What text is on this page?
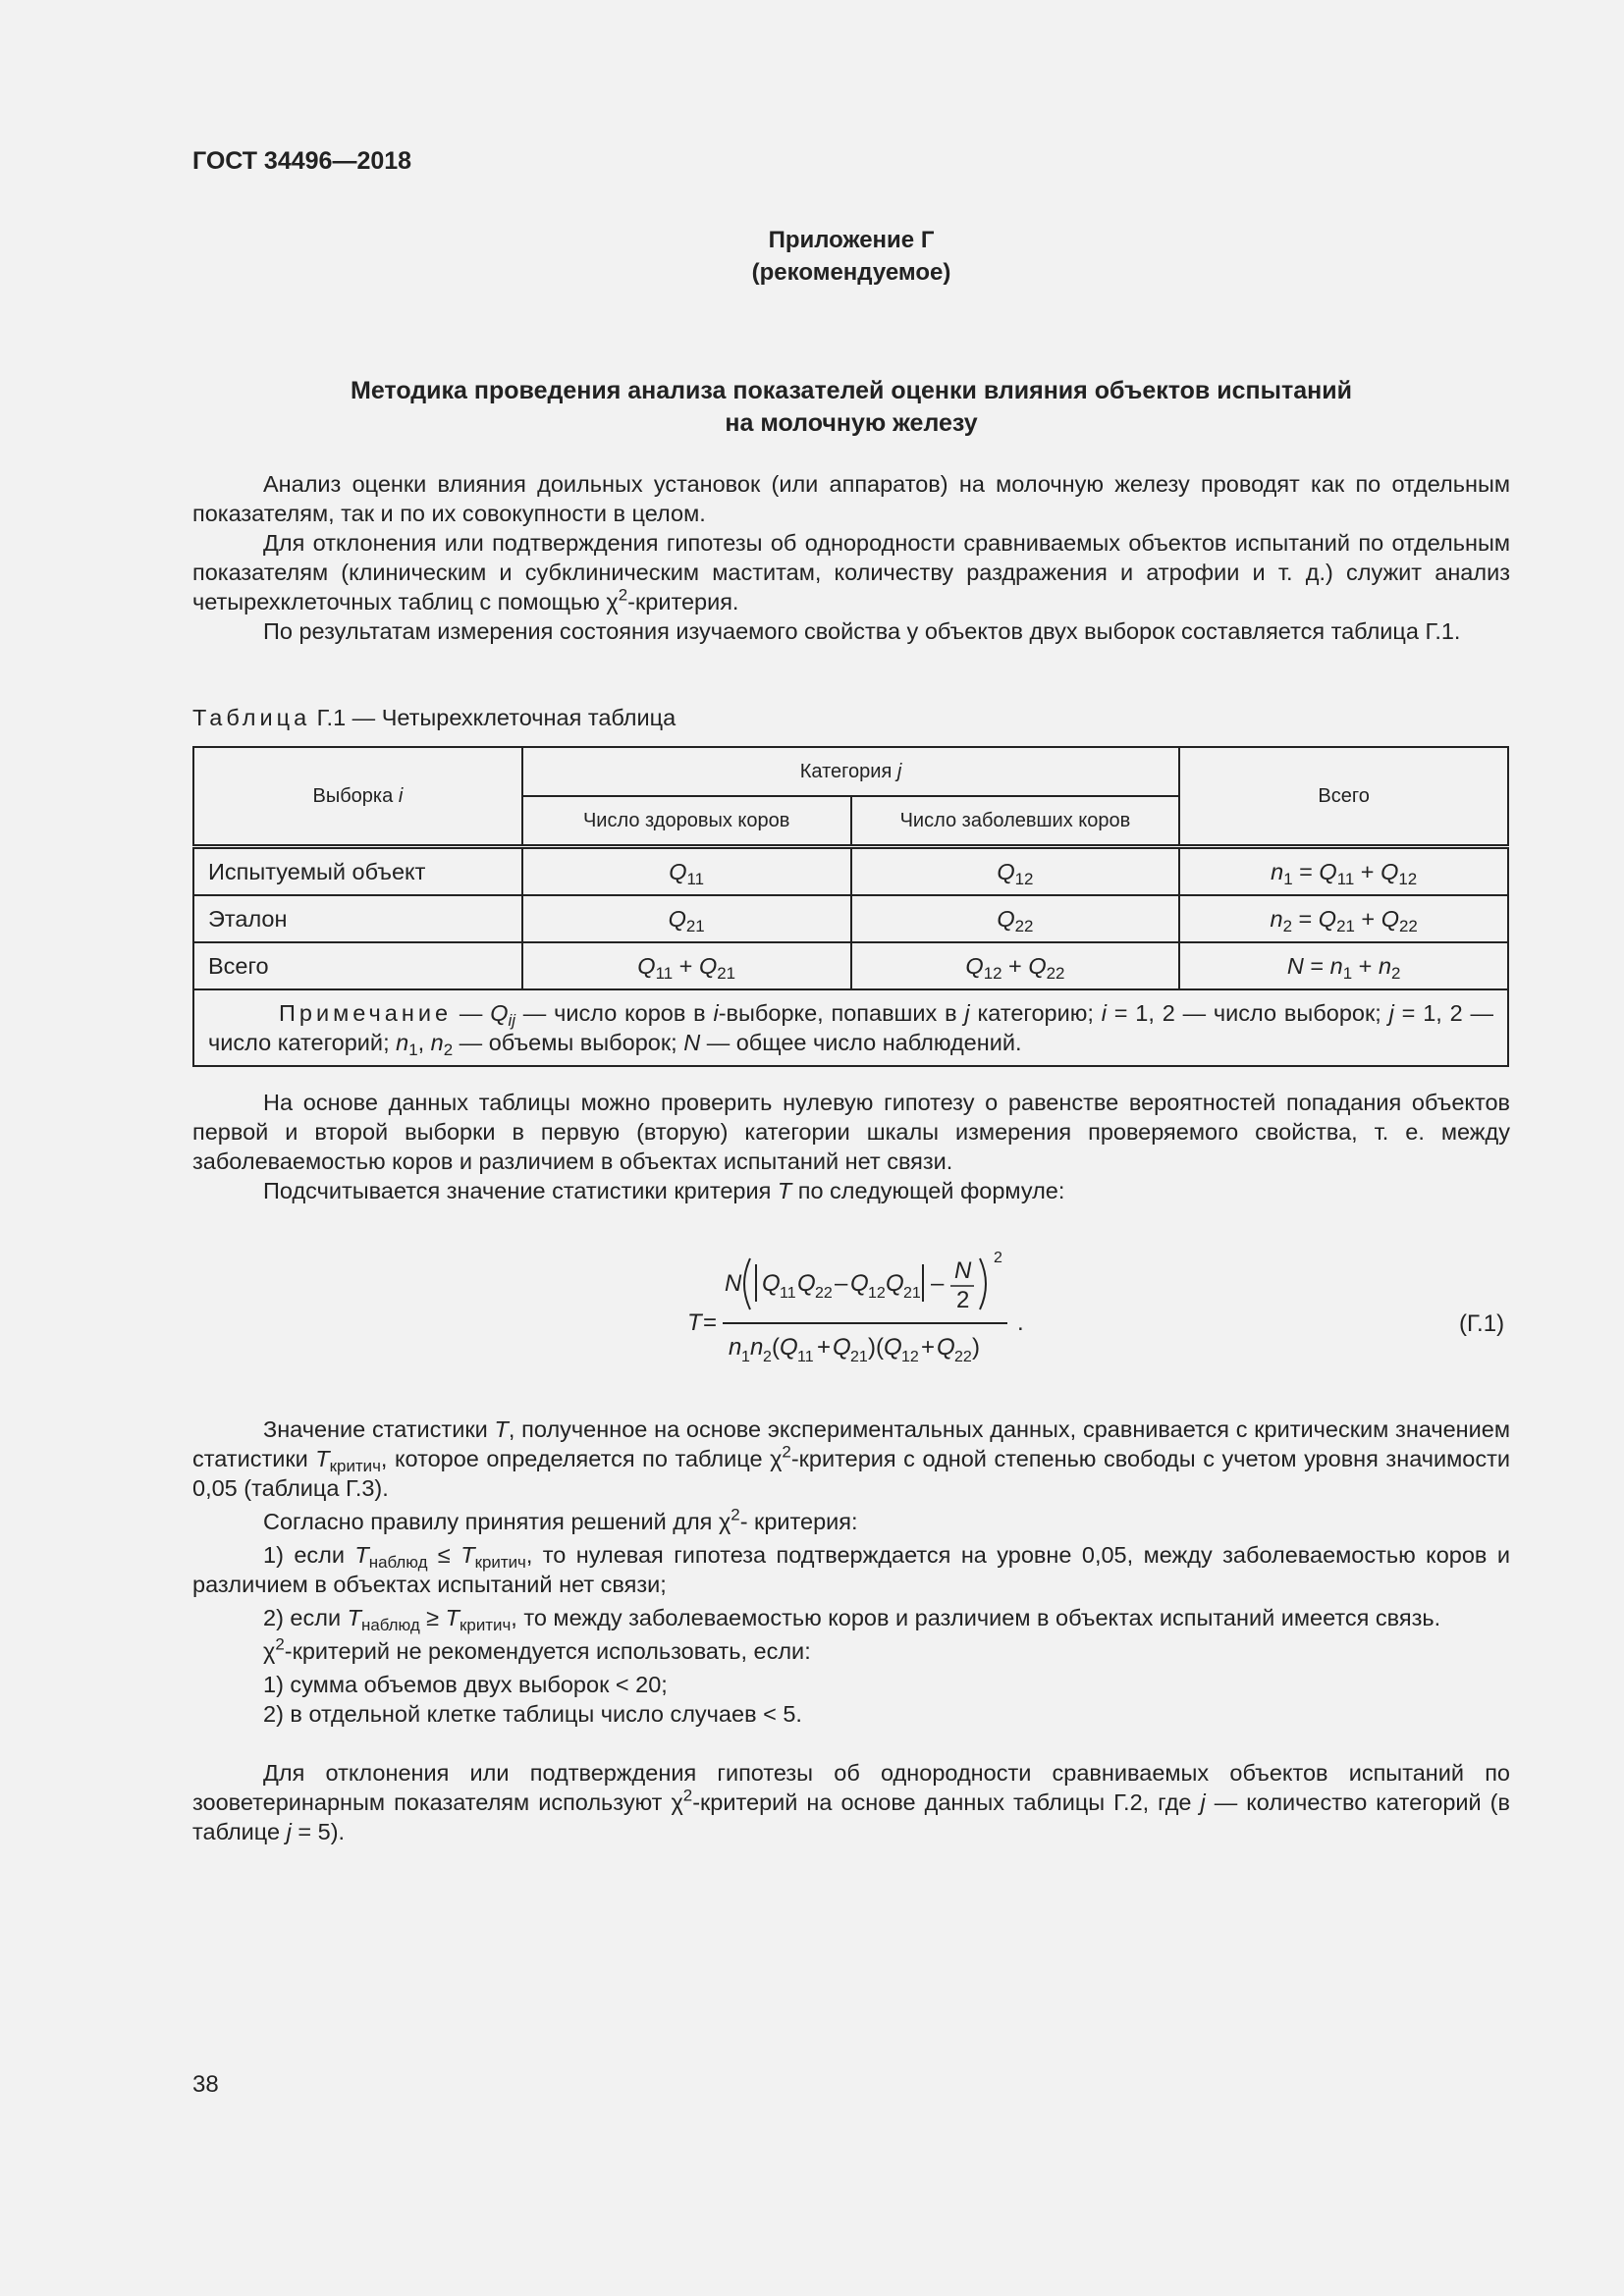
ГОСТ 34496—2018
Приложение Г
(рекомендуемое)
Методика проведения анализа показателей оценки влияния объектов испытаний
на молочную железу

Анализ оценки влияния доильных установок (или аппаратов) на молочную железу проводят как по отдельным показателям, так и по их совокупности в целом.

Для отклонения или подтверждения гипотезы об однородности сравниваемых объектов испытаний по отдельным показателям (клиническим и субклиническим маститам, количеству раздражения и атрофии и т. д.) служит анализ четырехклеточных таблиц с помощью $\chi^2$-критерия.

По результатам измерения состояния изучаемого свойства у объектов двух выборок составляется таблица Г.1.

Таблица Г.1 — Четырехклеточная таблица

Выборка i	Категория j		Всего
	Число здоровых коров	Число заболевших коров	
Испытуемый объект	$Q_{11}$	$Q_{12}$	$n_1 = Q_{11} + Q_{12}$
Эталон	$Q_{21}$	$Q_{22}$	$n_2 = Q_{21} + Q_{22}$
Всего	$Q_{11} + Q_{21}$	$Q_{12} + Q_{22}$	$N = n_1 + n_2$
Примечание — $Q_{ij}$ — число коров в i-выборке, попавших в j категорию; i = 1, 2 — число выборок; j = 1, 2 — число категорий; $n_1$, $n_2$ — объемы выборок; N — общее число наблюдений.			

На основе данных таблицы можно проверить нулевую гипотезу о равенстве вероятностей попадания объектов первой и второй выборки в первую (вторую) категории шкалы измерения проверяемого свойства, т. е. между заболеваемостью коров и различием в объектах испытаний нет связи.

Подсчитывается значение статистики критерия T по следующей формуле:

T =
N Q 11 Q 22 – Q 12 Q 21 – N
2
2
.
n 1 n 2 ( Q 11 + Q 21 )( Q 12 + Q 22 )
(Г.1)

Значение статистики T, полученное на основе экспериментальных данных, сравнивается с критическим значением статистики $T_{критич}$, которое определяется по таблице $\chi^2$-критерия с одной степенью свободы с учетом уровня значимости 0,05 (таблица Г.3).

Согласно правилу принятия решений для $\chi^2-$ критерия:

1) если $T_{наблюд} \le T_{критич}$, то нулевая гипотеза подтверждается на уровне 0,05, между заболеваемостью коров и различием в объектах испытаний нет связи;

2) если $T_{наблюд} \ge T_{критич}$, то между заболеваемостью коров и различием в объектах испытаний имеется связь.

$\chi^2$-критерий не рекомендуется использовать, если:

1) сумма объемов двух выборок < 20;

2) в отдельной клетке таблицы число случаев < 5.

Для отклонения или подтверждения гипотезы об однородности сравниваемых объектов испытаний по зооветеринарным показателям используют $\chi^2$-критерий на основе данных таблицы Г.2, где j — количество категорий (в таблице j = 5).

38
